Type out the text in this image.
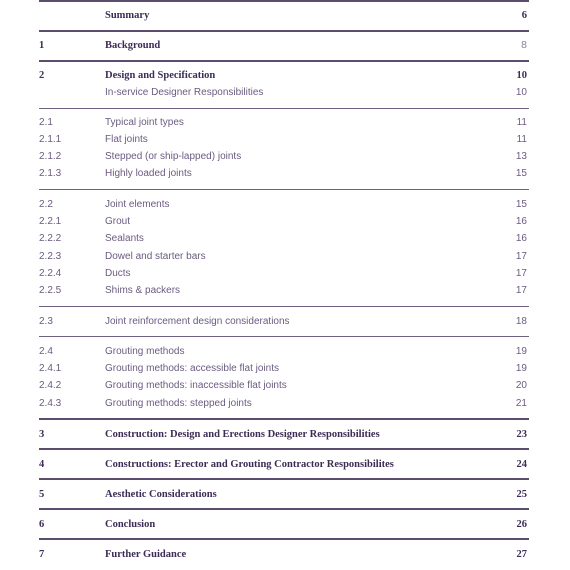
Summary	6
1	Background	8
2	Design and Specification	10
In-service Designer Responsibilities	10
2.1	Typical joint types	11
2.1.1	Flat joints	11
2.1.2	Stepped (or ship-lapped) joints	13
2.1.3	Highly loaded joints	15
2.2	Joint elements	15
2.2.1	Grout	16
2.2.2	Sealants	16
2.2.3	Dowel and starter bars	17
2.2.4	Ducts	17
2.2.5	Shims & packers	17
2.3	Joint reinforcement design considerations	18
2.4	Grouting methods	19
2.4.1	Grouting methods: accessible flat joints	19
2.4.2	Grouting methods: inaccessible flat joints	20
2.4.3	Grouting methods: stepped joints	21
3	Construction: Design and Erections Designer Responsibilities	23
4	Constructions: Erector and Grouting Contractor Responsibilites	24
5	Aesthetic Considerations	25
6	Conclusion	26
7	Further Guidance	27
